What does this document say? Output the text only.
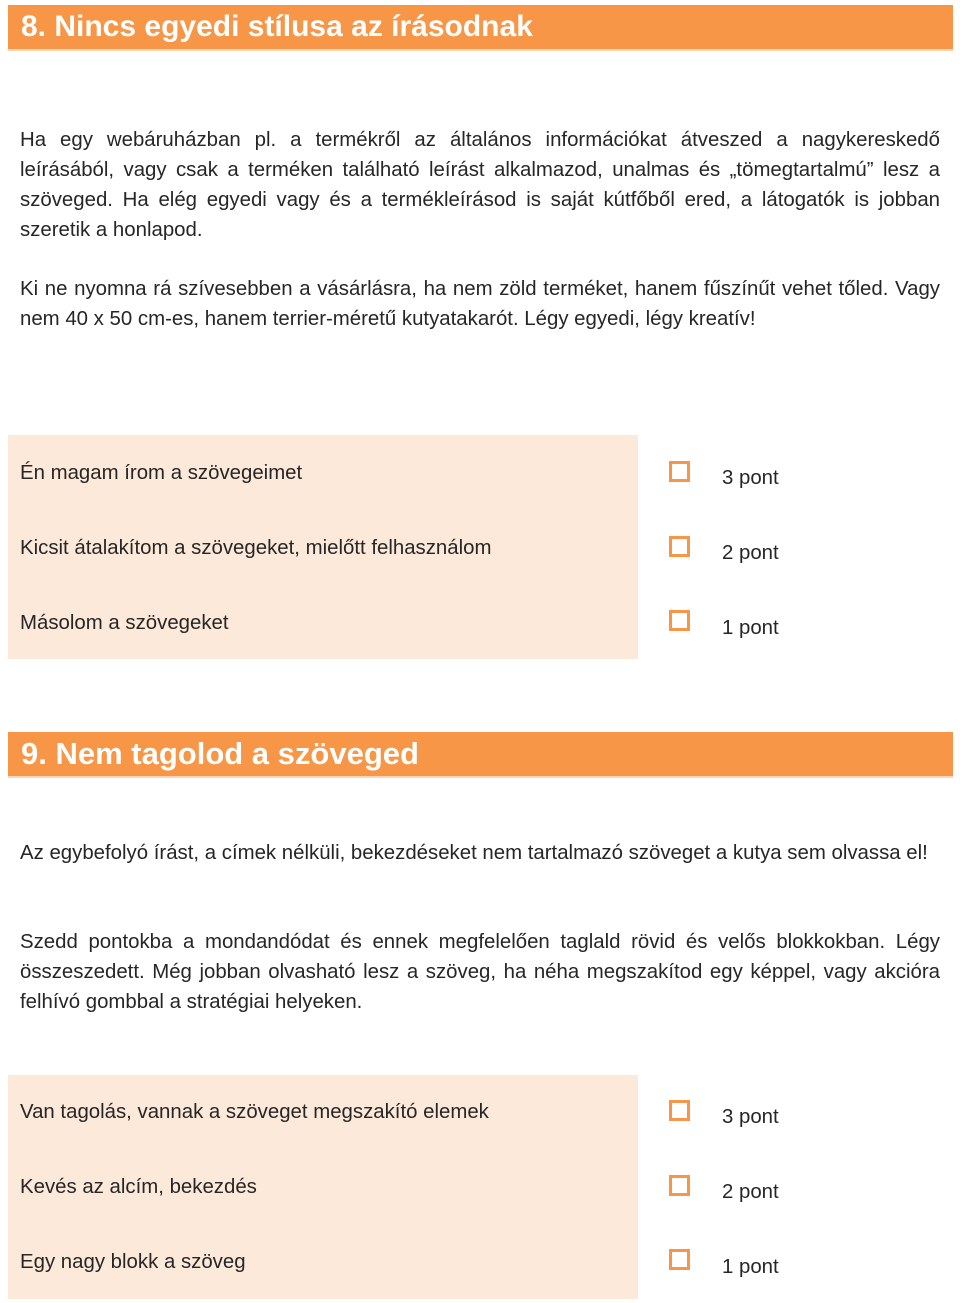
8. Nincs egyedi stílusa az írásodnak

Ha egy webáruházban pl. a termékről az általános információkat átveszed a nagykereskedő leírásából, vagy csak a terméken található leírást alkalmazod, unalmas és „tömegtartalmú” lesz a szöveged. Ha elég egyedi vagy és a termékleírásod is saját kútfőből ered, a látogatók is jobban szeretik a honlapod.

Ki ne nyomna rá szívesebben a vásárlásra, ha nem zöld terméket, hanem fűszínűt vehet tőled. Vagy nem 40 x 50 cm-es, hanem terrier-méretű kutyatakarót. Légy egyedi, légy kreatív!

Én magam írom a szövegeimet
Kicsit átalakítom a szövegeket, mielőtt felhasználom
Másolom a szövegeket
3 pont
2 pont
1 pont
9. Nem tagolod a szöveged

Az egybefolyó írást, a címek nélküli, bekezdéseket nem tartalmazó szöveget a kutya sem olvassa el!

Szedd pontokba a mondandódat és ennek megfelelően taglald rövid és velős blokkokban. Légy összeszedett. Még jobban olvasható lesz a szöveg, ha néha megszakítod egy képpel, vagy akcióra felhívó gombbal a stratégiai helyeken.

Van tagolás, vannak a szöveget megszakító elemek
Kevés az alcím, bekezdés
Egy nagy blokk a szöveg
3 pont
2 pont
1 pont
